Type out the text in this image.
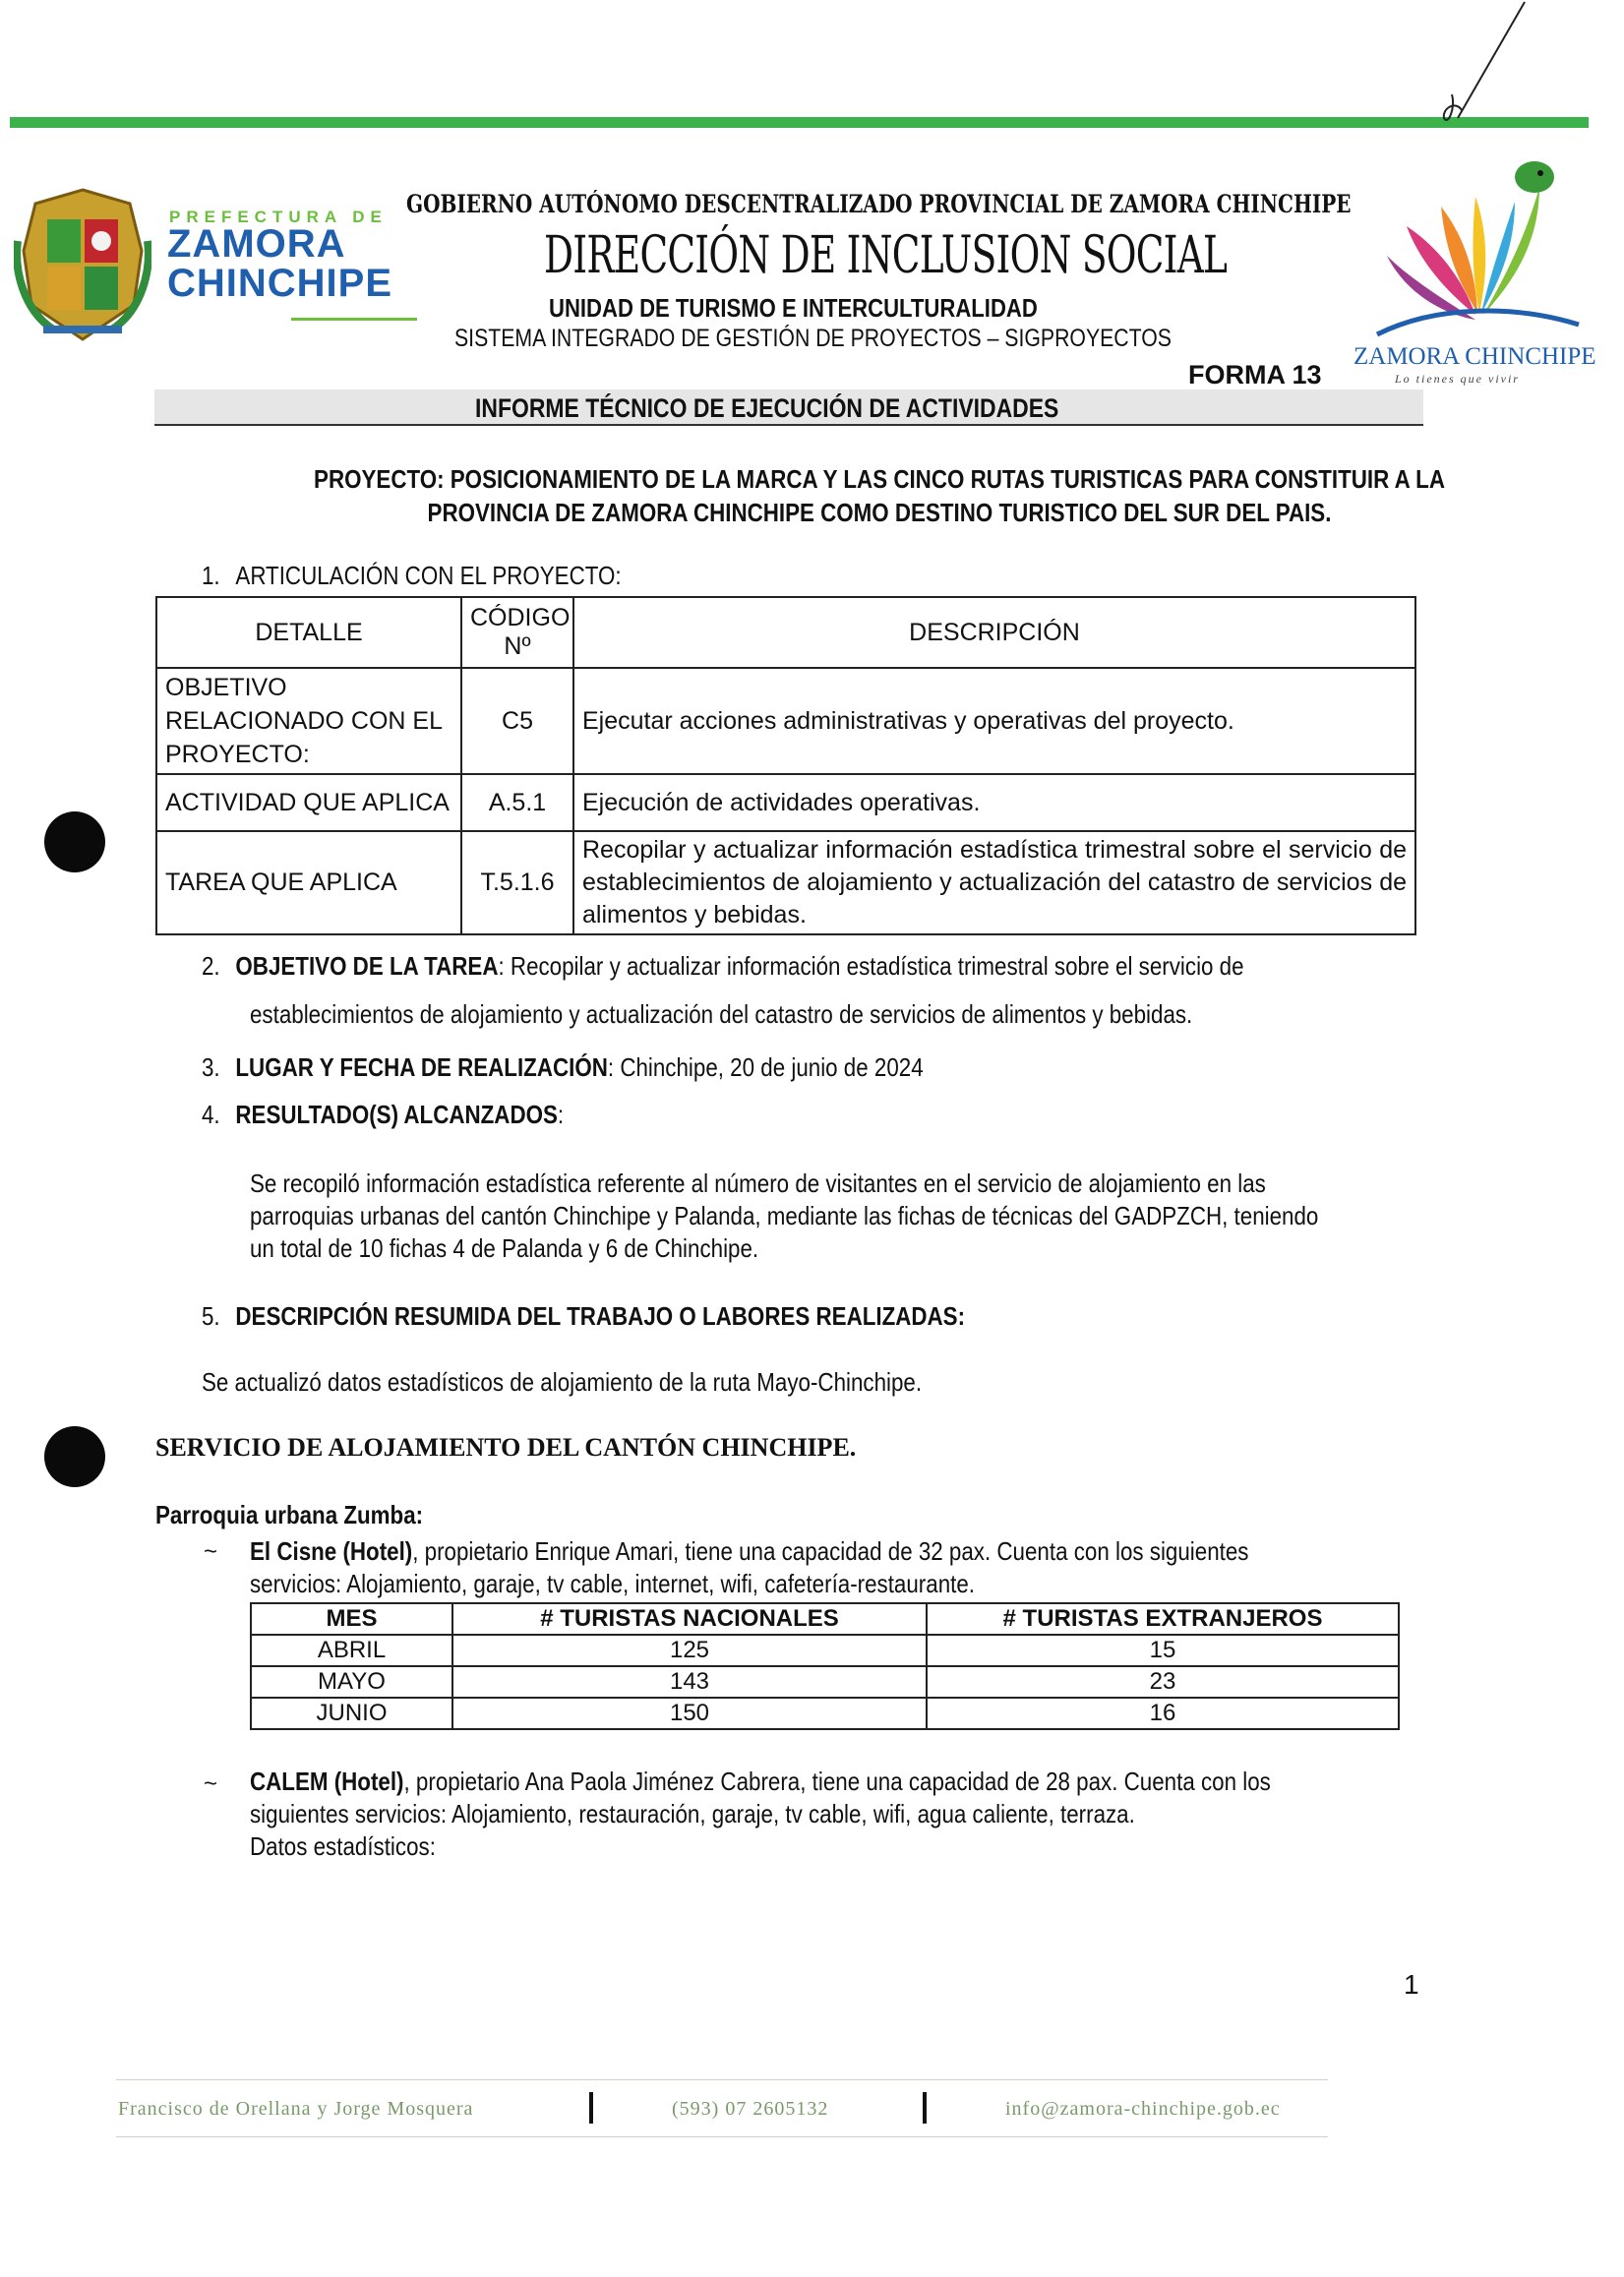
PREFECTURA DE
ZAMORA
CHINCHIPE
GOBIERNO AUTÓNOMO DESCENTRALIZADO PROVINCIAL DE ZAMORA CHINCHIPE
DIRECCIÓN DE INCLUSION SOCIAL
UNIDAD DE TURISMO E INTERCULTURALIDAD
SISTEMA INTEGRADO DE GESTIÓN DE PROYECTOS – SIGPROYECTOS
FORMA 13
ZAMORA CHINCHIPE
Lo tienes que vivir
INFORME TÉCNICO DE EJECUCIÓN DE ACTIVIDADES
PROYECTO: POSICIONAMIENTO DE LA MARCA Y LAS CINCO RUTAS TURISTICAS PARA CONSTITUIR A LA
PROVINCIA DE ZAMORA CHINCHIPE COMO DESTINO TURISTICO DEL SUR DEL PAIS.
1. ARTICULACIÓN CON EL PROYECTO:
DETALLE	CÓDIGO Nº	DESCRIPCIÓN
OBJETIVO RELACIONADO CON EL PROYECTO:	C5	Ejecutar acciones administrativas y operativas del proyecto.
ACTIVIDAD QUE APLICA	A.5.1	Ejecución de actividades operativas.
TAREA QUE APLICA	T.5.1.6	Recopilar y actualizar información estadística trimestral sobre el servicio de establecimientos de alojamiento y actualización del catastro de servicios de alimentos y bebidas.
2. OBJETIVO DE LA TAREA: Recopilar y actualizar información estadística trimestral sobre el servicio de
establecimientos de alojamiento y actualización del catastro de servicios de alimentos y bebidas.
3. LUGAR Y FECHA DE REALIZACIÓN: Chinchipe, 20 de junio de 2024
4. RESULTADO(S) ALCANZADOS:
Se recopiló información estadística referente al número de visitantes en el servicio de alojamiento en las
parroquias urbanas del cantón Chinchipe y Palanda, mediante las fichas de técnicas del GADPZCH, teniendo
un total de 10 fichas 4 de Palanda y 6 de Chinchipe.
5. DESCRIPCIÓN RESUMIDA DEL TRABAJO O LABORES REALIZADAS:
Se actualizó datos estadísticos de alojamiento de la ruta Mayo-Chinchipe.
SERVICIO DE ALOJAMIENTO DEL CANTÓN CHINCHIPE.
Parroquia urbana Zumba:
~ El Cisne (Hotel), propietario Enrique Amari, tiene una capacidad de 32 pax. Cuenta con los siguientes
servicios: Alojamiento, garaje, tv cable, internet, wifi, cafetería-restaurante.
MES	# TURISTAS NACIONALES	# TURISTAS EXTRANJEROS
ABRIL	125	15
MAYO	143	23
JUNIO	150	16
~ CALEM (Hotel), propietario Ana Paola Jiménez Cabrera, tiene una capacidad de 28 pax. Cuenta con los
siguientes servicios: Alojamiento, restauración, garaje, tv cable, wifi, agua caliente, terraza.
Datos estadísticos:
1
Francisco de Orellana y Jorge Mosquera	(593) 07 2605132	info@zamora-chinchipe.gob.ec
